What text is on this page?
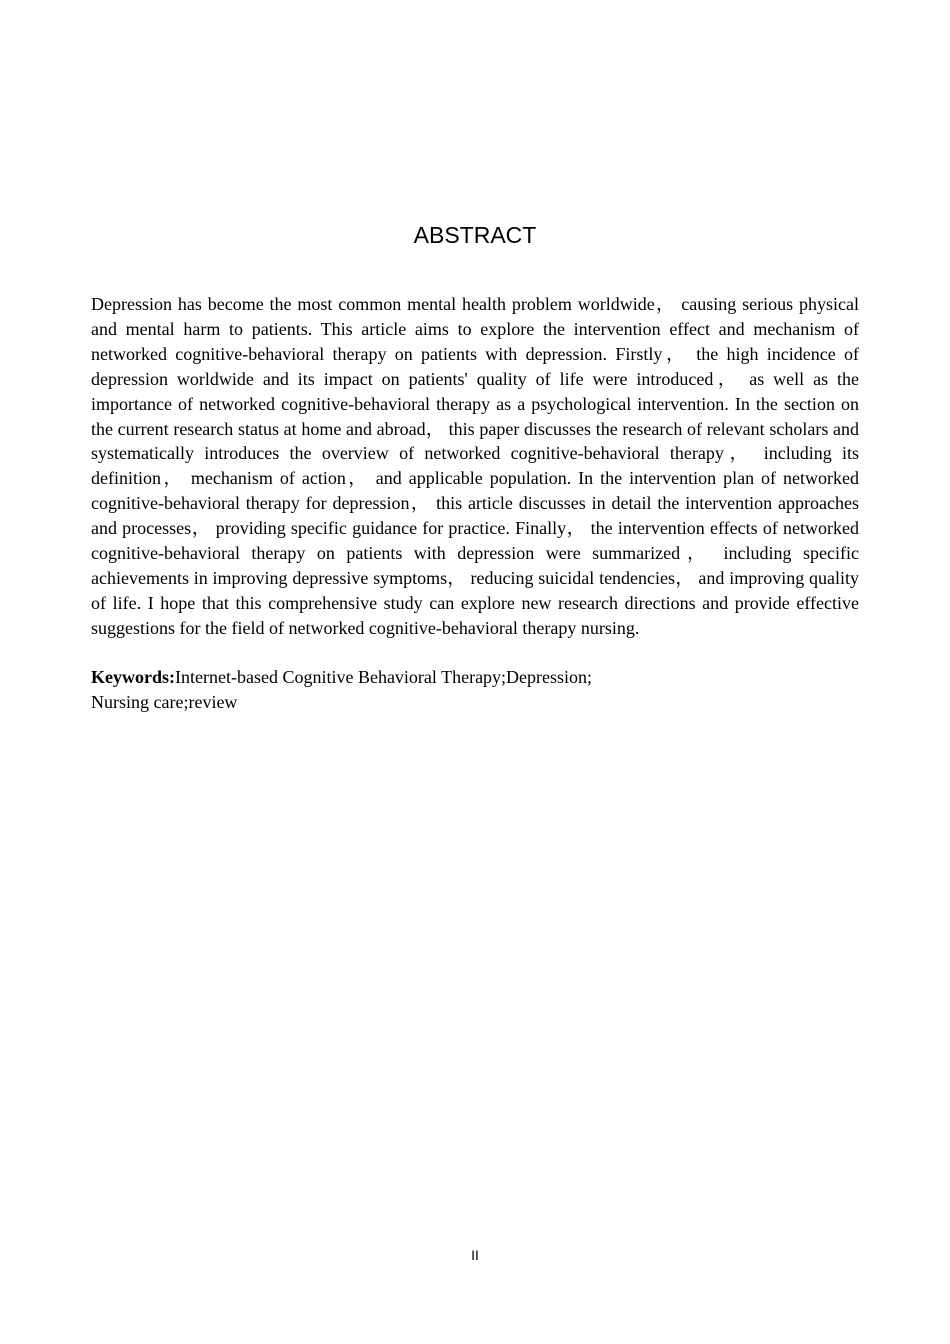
ABSTRACT

Depression has become the most common mental health problem worldwide， causing serious physical and mental harm to patients. This article aims to explore the intervention effect and mechanism of networked cognitive-behavioral therapy on patients with depression. Firstly， the high incidence of depression worldwide and its impact on patients' quality of life were introduced， as well as the importance of networked cognitive-behavioral therapy as a psychological intervention. In the section on the current research status at home and abroad， this paper discusses the research of relevant scholars and systematically introduces the overview of networked cognitive-behavioral therapy， including its definition， mechanism of action， and applicable population. In the intervention plan of networked cognitive-behavioral therapy for depression， this article discusses in detail the intervention approaches and processes， providing specific guidance for practice. Finally， the intervention effects of networked cognitive-behavioral therapy on patients with depression were summarized， including specific achievements in improving depressive symptoms， reducing suicidal tendencies， and improving quality of life. I hope that this comprehensive study can explore new research directions and provide effective suggestions for the field of networked cognitive-behavioral therapy nursing.

Keywords:Internet-based Cognitive Behavioral Therapy;Depression; Nursing care;review

II
